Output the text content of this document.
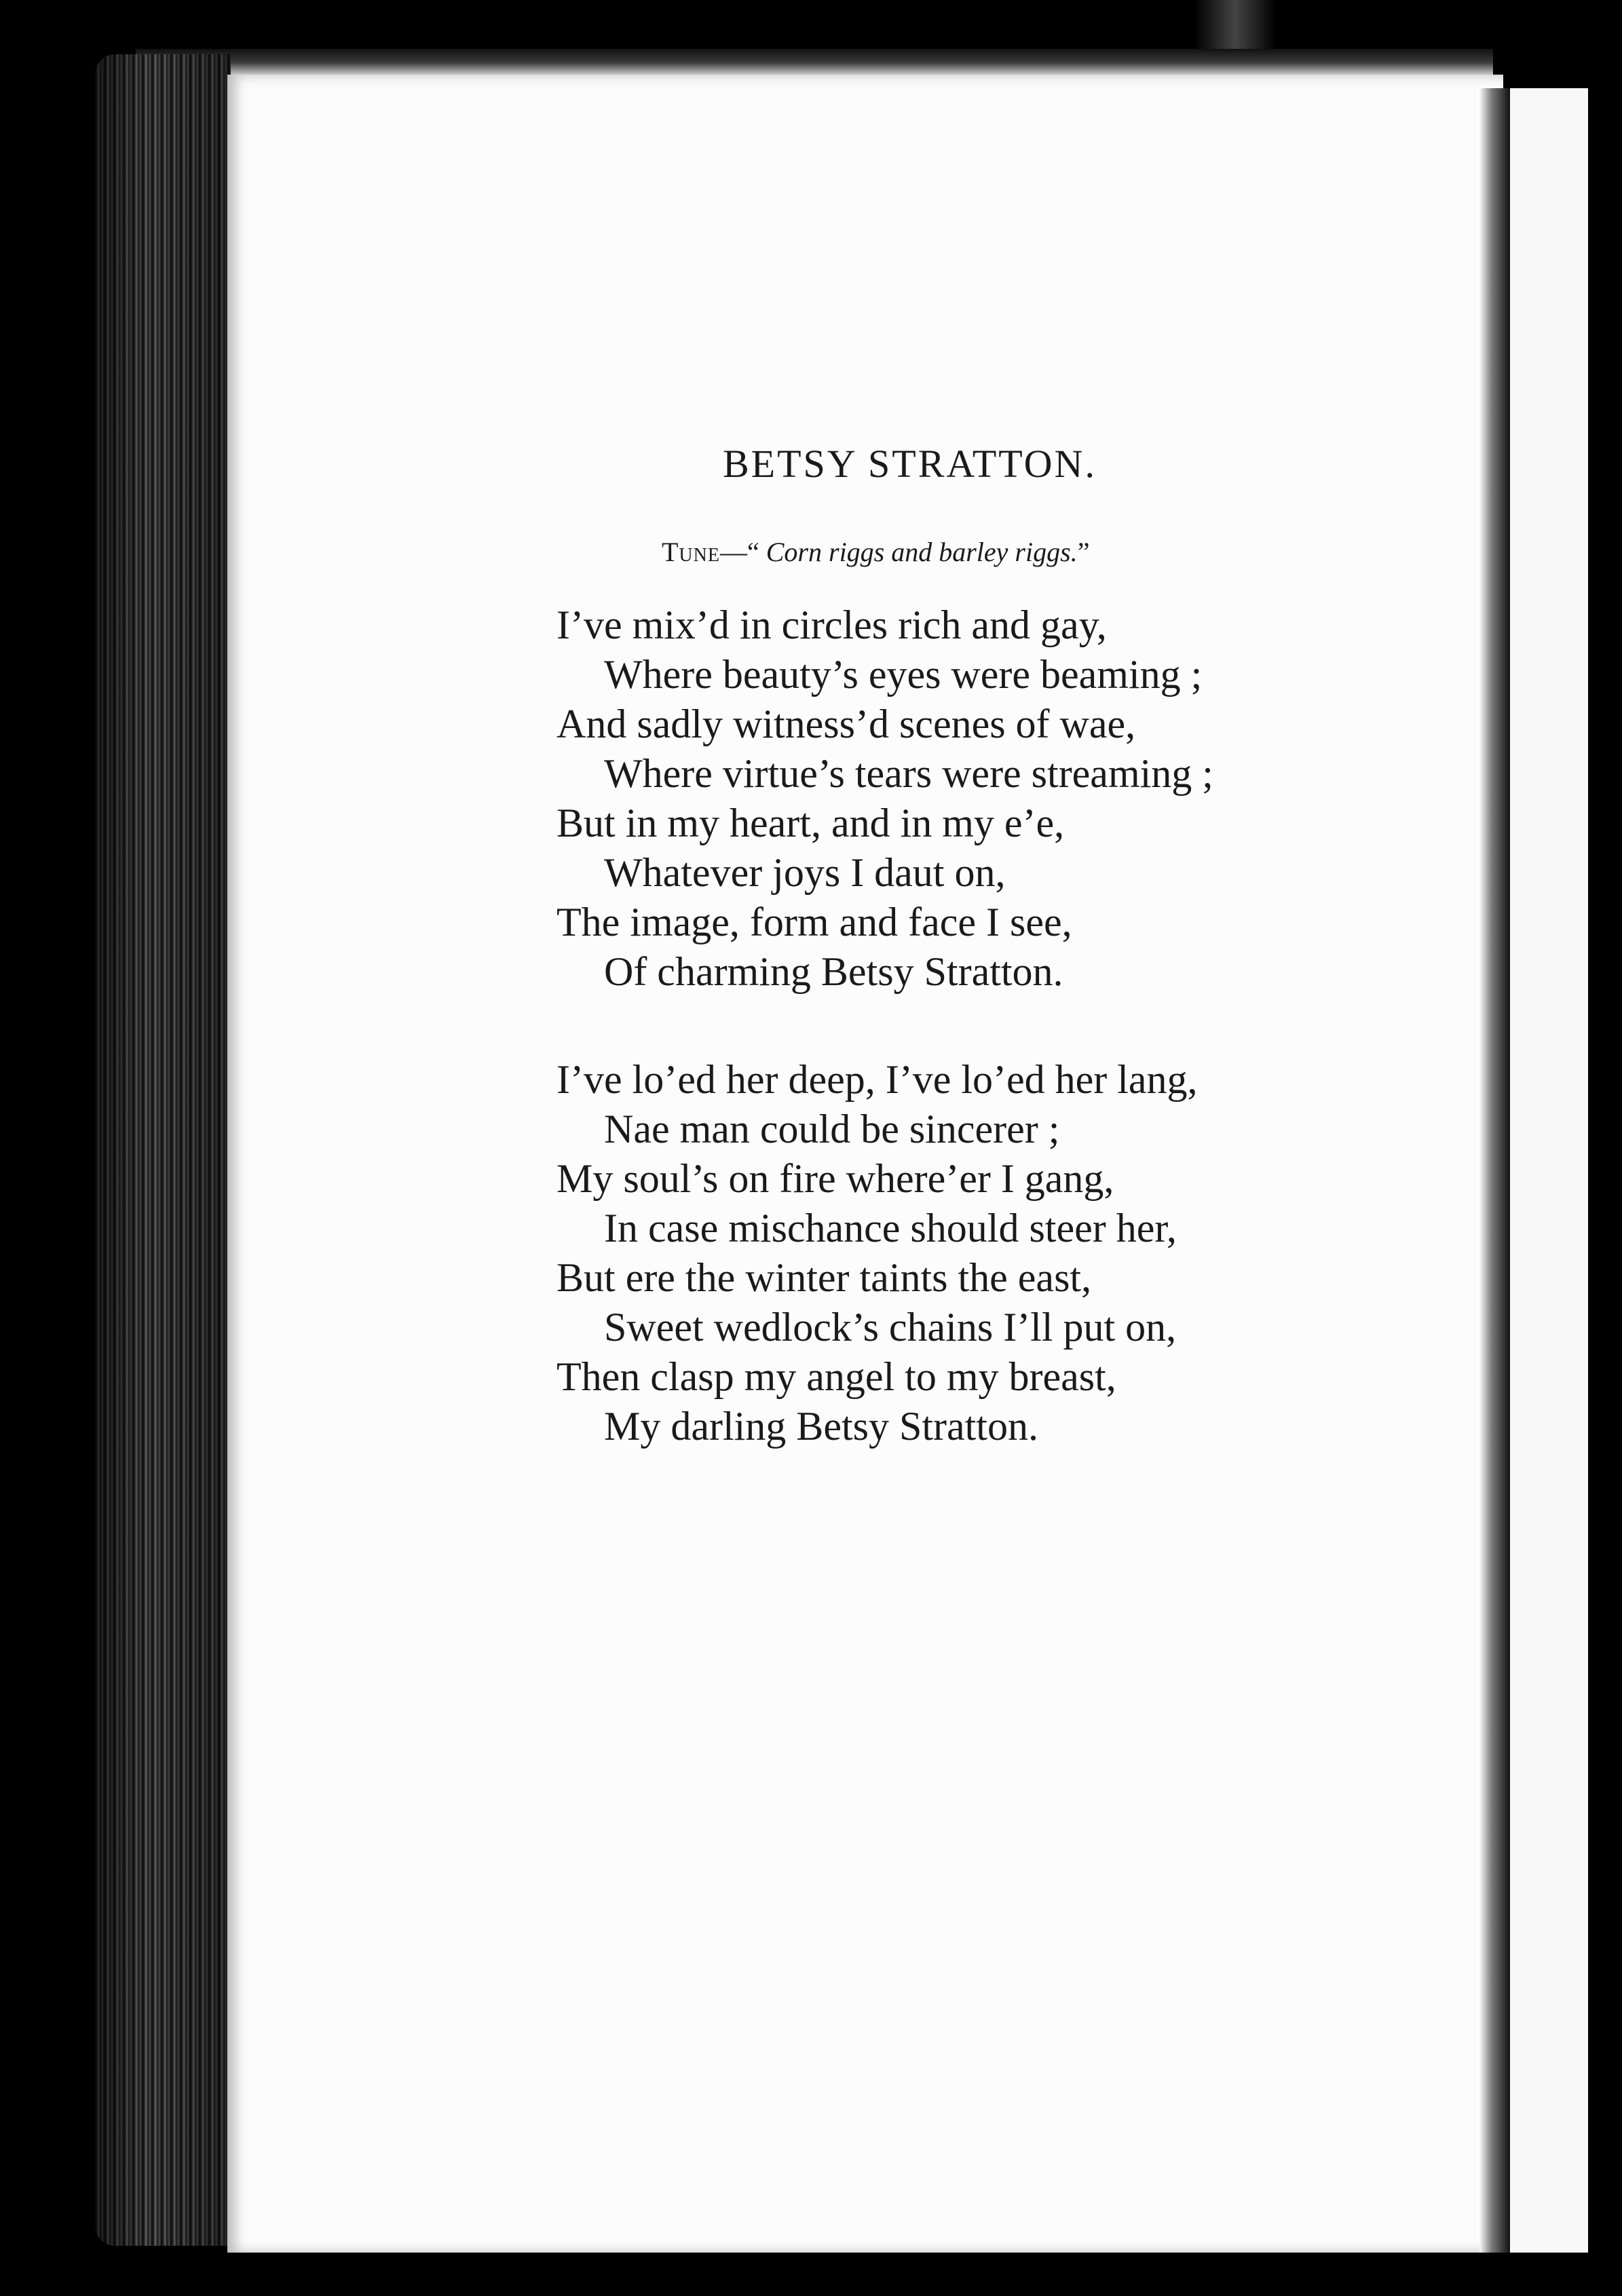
BETSY STRATTON.
Tune—“ Corn riggs and barley riggs.”
I’ve mix’d in circles rich and gay,
Where beauty’s eyes were beaming ;
And sadly witness’d scenes of wae,
Where virtue’s tears were streaming ;
But in my heart, and in my e’e,
Whatever joys I daut on,
The image, form and face I see,
Of charming Betsy Stratton.
I’ve lo’ed her deep, I’ve lo’ed her lang,
Nae man could be sincerer ;
My soul’s on fire where’er I gang,
In case mischance should steer her,
But ere the winter taints the east,
Sweet wedlock’s chains I’ll put on,
Then clasp my angel to my breast,
My darling Betsy Stratton.
